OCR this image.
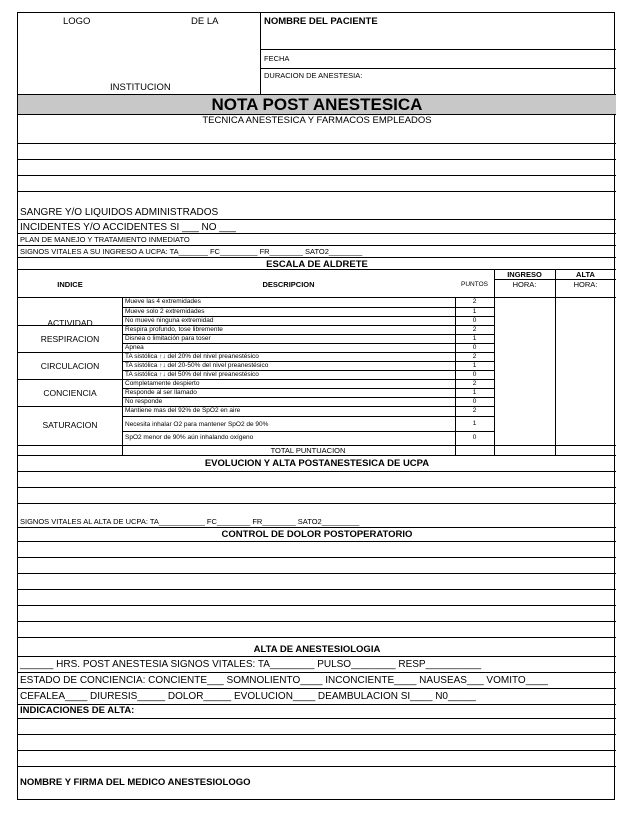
LOGO	DE LA
INSTITUCION
NOMBRE DEL PACIENTE
FECHA
DURACION DE ANESTESIA:
NOTA POST ANESTESICA
TECNICA ANESTESICA Y FARMACOS EMPLEADOS
SANGRE Y/O LIQUIDOS ADMINISTRADOS
INCIDENTES Y/O ACCIDENTES SI ___ NO ___
PLAN DE MANEJO Y TRATAMIENTO INMEDIATO
SIGNOS VITALES A SU INGRESO A UCPA: TA_______ FC_________ FR________ SATO2________
ESCALA DE ALDRETE
INDICE	DESCRIPCION	PUNTOS
INGRESO	ALTA
HORA:	HORA:
ACTIVIDAD
Mueve las 4 extremidades	2
Mueve solo 2 extremidades	1
No mueve ninguna extremidad	0
RESPIRACION
Respira profundo, tose libremente	2
Disnea o limitación para toser	1
Apnea	0
CIRCULACION
TA sistólica ↑↓ del 20% del nivel preanestésico	2
TA sistólica ↑↓ del 20-50% del nivel preanestésico	1
TA sistólica ↑↓ del 50% del nivel preanestésico	0
CONCIENCIA
Completamente despierto	2
Responde al ser llamado	1
No responde	0
SATURACION
Mantiene mas del 92% de SpO2 en aire	2
Necesita inhalar O2 para mantener SpO2 de 90%	1
SpO2 menor de 90% aún inhalando oxígeno	0
TOTAL PUNTUACION
EVOLUCION Y ALTA POSTANESTESICA DE UCPA
SIGNOS VITALES AL ALTA DE UCPA: TA___________ FC________ FR________ SATO2_________
CONTROL DE DOLOR POSTOPERATORIO
ALTA DE ANESTESIOLOGIA
______ HRS. POST ANESTESIA SIGNOS VITALES: TA________ PULSO________ RESP__________
ESTADO DE CONCIENCIA: CONCIENTE___ SOMNOLIENTO____ INCONCIENTE____ NAUSEAS___ VOMITO____
CEFALEA____ DIURESIS_____ DOLOR_____ EVOLUCION____ DEAMBULACION SI____ N0_____
INDICACIONES DE ALTA:
NOMBRE Y FIRMA DEL MEDICO ANESTESIOLOGO
